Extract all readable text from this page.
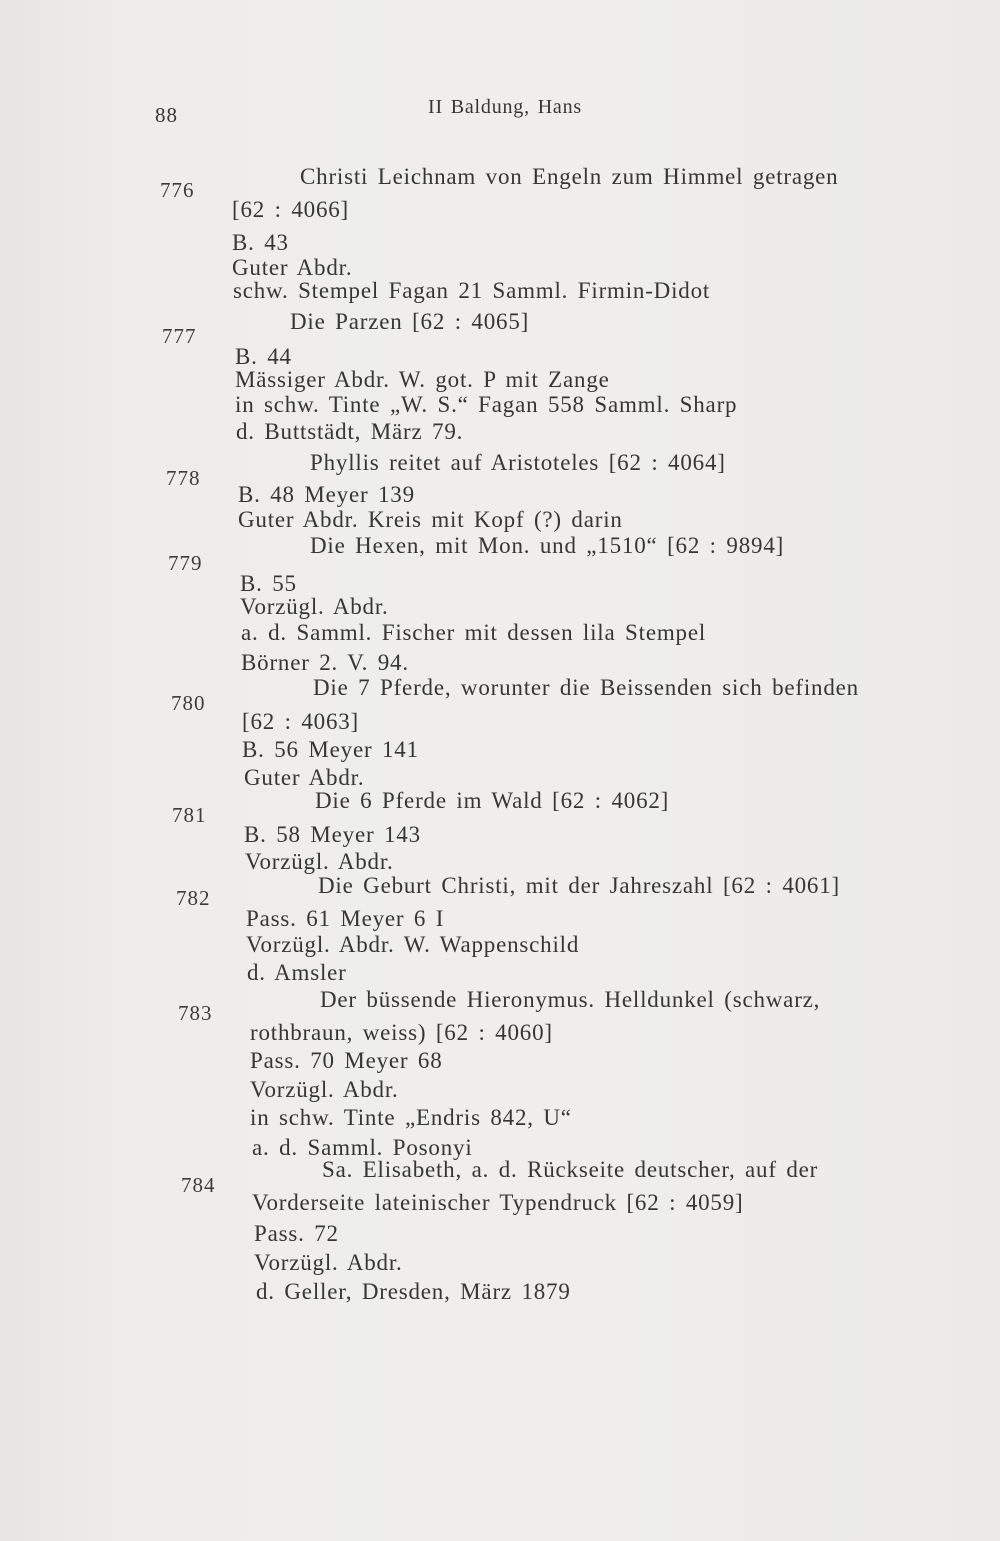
88	II Baldung, Hans
776
Christi Leichnam von Engeln zum Himmel getragen
[62 : 4066]
B. 43
Guter Abdr.
schw. Stempel Fagan 21 Samml. Firmin-Didot
777
Die Parzen [62 : 4065]
B. 44
Mässiger Abdr. W. got. P mit Zange
in schw. Tinte „W. S.“ Fagan 558 Samml. Sharp
d. Buttstädt, März 79.
778
Phyllis reitet auf Aristoteles [62 : 4064]
B. 48 Meyer 139
Guter Abdr. Kreis mit Kopf (?) darin
779
Die Hexen, mit Mon. und „1510“ [62 : 9894]
B. 55
Vorzügl. Abdr.
a. d. Samml. Fischer mit dessen lila Stempel
Börner 2. V. 94.
780
Die 7 Pferde, worunter die Beissenden sich befinden
[62 : 4063]
B. 56 Meyer 141
Guter Abdr.
781
Die 6 Pferde im Wald [62 : 4062]
B. 58 Meyer 143
Vorzügl. Abdr.
782	Die Geburt Christi, mit der Jahreszahl [62 : 4061]
Pass. 61 Meyer 6 I
Vorzügl. Abdr. W. Wappenschild
d. Amsler
783
Der büssende Hieronymus. Helldunkel (schwarz,
rothbraun, weiss) [62 : 4060]
Pass. 70 Meyer 68
Vorzügl. Abdr.
in schw. Tinte „Endris 842, U“
a. d. Samml. Posonyi
784
Sa. Elisabeth, a. d. Rückseite deutscher, auf der
Vorderseite lateinischer Typendruck [62 : 4059]
Pass. 72
Vorzügl. Abdr.
d. Geller, Dresden, März 1879
